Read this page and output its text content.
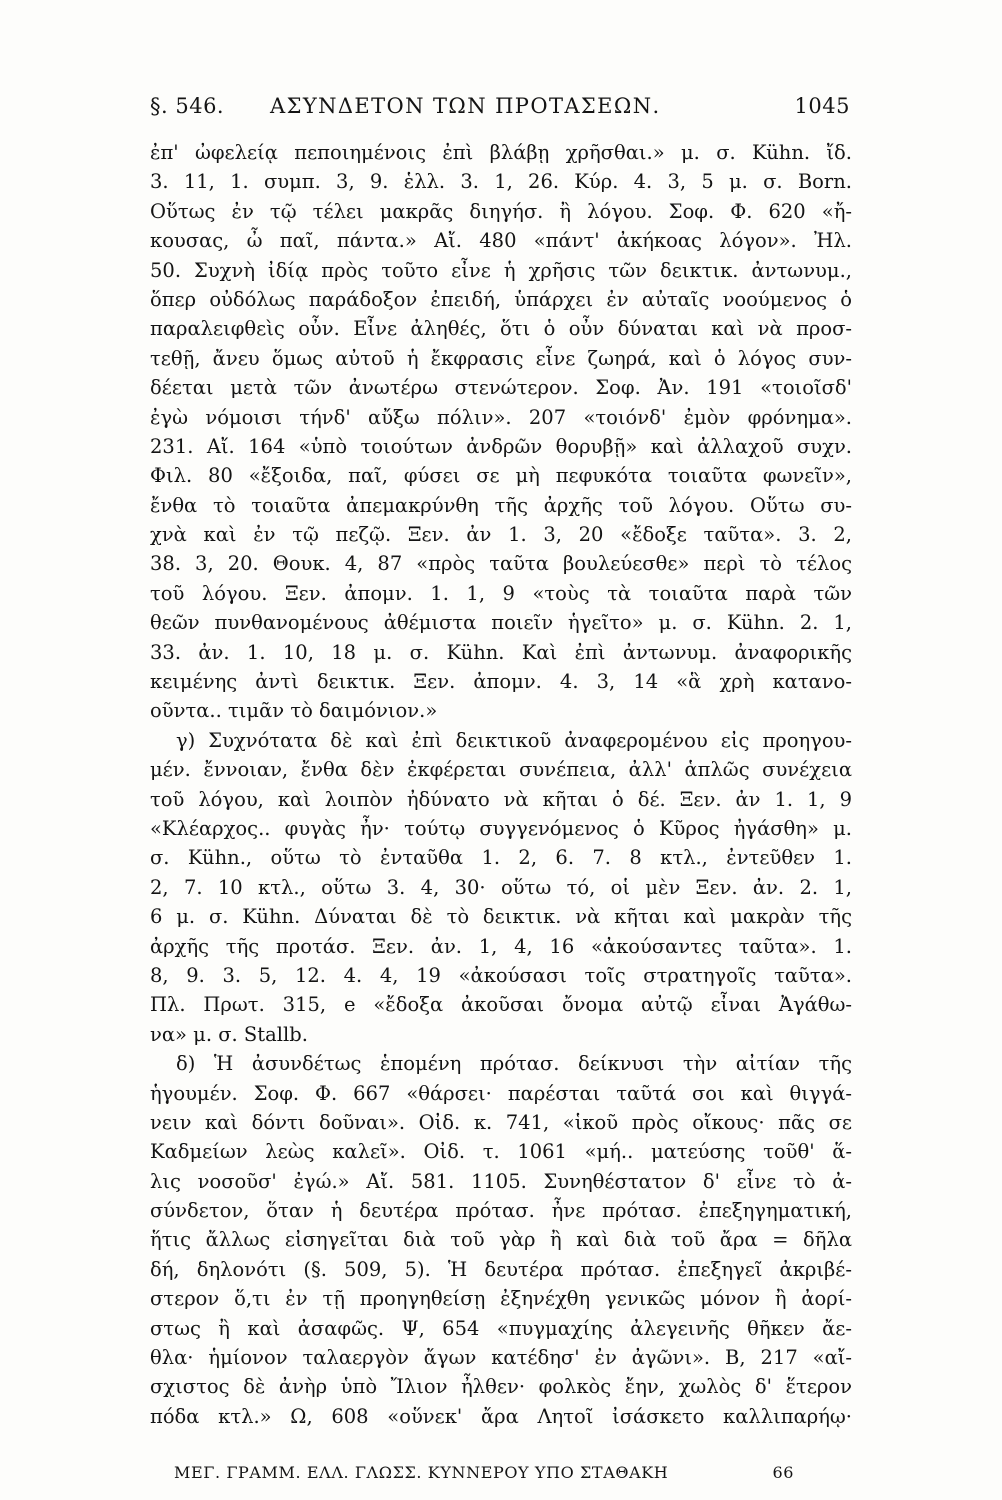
§. 546. ΑΣΥΝΔΕΤΟΝ ΤΩΝ ΠΡΟΤΑΣΕΩΝ.	1045
ἐπ' ὠφελείᾳ πεποιημένοις ἐπὶ βλάβῃ χρῆσθαι.» μ. σ. Kühn. ἴδ.
3. 11, 1. συμπ. 3, 9. ἑλλ. 3. 1, 26. Κύρ. 4. 3, 5 μ. σ. Born.
Οὕτως ἐν τῷ τέλει μακρᾶς διηγήσ. ἢ λόγου. Σοφ. Φ. 620 «ἤ-
κουσας, ὦ παῖ, πάντα.» Αἴ. 480 «πάντ' ἀκήκοας λόγον». Ἠλ.
50. Συχνὴ ἰδίᾳ πρὸς τοῦτο εἶνε ἡ χρῆσις τῶν δεικτικ. ἀντωνυμ.,
ὅπερ οὐδόλως παράδοξον ἐπειδή, ὑπάρχει ἐν αὐταῖς νοούμενος ὁ
παραλειφθεὶς οὖν. Εἶνε ἀληθές, ὅτι ὁ οὖν δύναται καὶ νὰ προσ-
τεθῇ, ἄνευ ὅμως αὐτοῦ ἡ ἔκφρασις εἶνε ζωηρά, καὶ ὁ λόγος συν-
δέεται μετὰ τῶν ἀνωτέρω στενώτερον. Σοφ. Ἀν. 191 «τοιοῖσδ'
ἐγὼ νόμοισι τήνδ' αὔξω πόλιν». 207 «τοιόνδ' ἐμὸν φρόνημα».
231. Αἴ. 164 «ὑπὸ τοιούτων ἀνδρῶν θορυβῇ» καὶ ἀλλαχοῦ συχν.
Φιλ. 80 «ἔξοιδα, παῖ, φύσει σε μὴ πεφυκότα τοιαῦτα φωνεῖν»,
ἔνθα τὸ τοιαῦτα ἀπεμακρύνθη τῆς ἀρχῆς τοῦ λόγου. Οὕτω συ-
χνὰ καὶ ἐν τῷ πεζῷ. Ξεν. ἀν 1. 3, 20 «ἔδοξε ταῦτα». 3. 2,
38. 3, 20. Θουκ. 4, 87 «πρὸς ταῦτα βουλεύεσθε» περὶ τὸ τέλος
τοῦ λόγου. Ξεν. ἀπομν. 1. 1, 9 «τοὺς τὰ τοιαῦτα παρὰ τῶν
θεῶν πυνθανομένους ἀθέμιστα ποιεῖν ἡγεῖτο» μ. σ. Kühn. 2. 1,
33. ἀν. 1. 10, 18 μ. σ. Kühn. Καὶ ἐπὶ ἀντωνυμ. ἀναφορικῆς
κειμένης ἀντὶ δεικτικ. Ξεν. ἀπομν. 4. 3, 14 «ἃ χρὴ κατανο-
οῦντα.. τιμᾶν τὸ δαιμόνιον.»
γ) Συχνότατα δὲ καὶ ἐπὶ δεικτικοῦ ἀναφερομένου εἰς προηγου-
μέν. ἔννοιαν, ἔνθα δὲν ἐκφέρεται συνέπεια, ἀλλ' ἁπλῶς συνέχεια
τοῦ λόγου, καὶ λοιπὸν ἠδύνατο νὰ κῆται ὁ δέ. Ξεν. ἀν 1. 1, 9
«Κλέαρχος.. φυγὰς ἦν· τούτῳ συγγενόμενος ὁ Κῦρος ἠγάσθη» μ.
σ. Kühn., οὕτω τὸ ἐνταῦθα 1. 2, 6. 7. 8 κτλ., ἐντεῦθεν 1.
2, 7. 10 κτλ., οὕτω 3. 4, 30· οὕτω τό, οἱ μὲν Ξεν. ἀν. 2. 1,
6 μ. σ. Kühn. Δύναται δὲ τὸ δεικτικ. νὰ κῆται καὶ μακρὰν τῆς
ἀρχῆς τῆς προτάσ. Ξεν. ἀν. 1, 4, 16 «ἀκούσαντες ταῦτα». 1.
8, 9. 3. 5, 12. 4. 4, 19 «ἀκούσασι τοῖς στρατηγοῖς ταῦτα».
Πλ. Πρωτ. 315, e «ἔδοξα ἀκοῦσαι ὄνομα αὐτῷ εἶναι Ἀγάθω-
να» μ. σ. Stallb.
δ) Ἡ ἀσυνδέτως ἑπομένη πρότασ. δείκνυσι τὴν αἰτίαν τῆς
ἡγουμέν. Σοφ. Φ. 667 «θάρσει· παρέσται ταῦτά σοι καὶ θιγγά-
νειν καὶ δόντι δοῦναι». Οἰδ. κ. 741, «ἱκοῦ πρὸς οἴκους· πᾶς σε
Καδμείων λεὼς καλεῖ». Οἰδ. τ. 1061 «μή.. ματεύσης τοῦθ' ἅ-
λις νοσοῦσ' ἐγώ.» Αἴ. 581. 1105. Συνηθέστατον δ' εἶνε τὸ ἀ-
σύνδετον, ὅταν ἡ δευτέρα πρότασ. ἦνε πρότασ. ἐπεξηγηματική,
ἥτις ἄλλως εἰσηγεῖται διὰ τοῦ γὰρ ἢ καὶ διὰ τοῦ ἄρα = δῆλα
δή, δηλονότι (§. 509, 5). Ἡ δευτέρα πρότασ. ἐπεξηγεῖ ἀκριβέ-
στερον ὅ,τι ἐν τῇ προηγηθείσῃ ἐξηνέχθη γενικῶς μόνον ἢ ἀορί-
στως ἢ καὶ ἀσαφῶς. Ψ, 654 «πυγμαχίης ἀλεγεινῆς θῆκεν ἄε-
θλα· ἡμίονον ταλαεργὸν ἄγων κατέδησ' ἐν ἀγῶνι». Β, 217 «αἴ-
σχιστος δὲ ἀνὴρ ὑπὸ Ἴλιον ἦλθεν· φολκὸς ἔην, χωλὸς δ' ἕτερον
πόδα κτλ.» Ω, 608 «οὕνεκ' ἄρα Λητοῖ ἰσάσκετο καλλιπαρήῳ·
ΜΕΓ. ΓΡΑΜΜ. ΕΛΛ. ΓΛΩΣΣ. ΚΥΝΝΕΡΟΥ ΥΠΟ ΣΤΑΘΑΚΗ	66
